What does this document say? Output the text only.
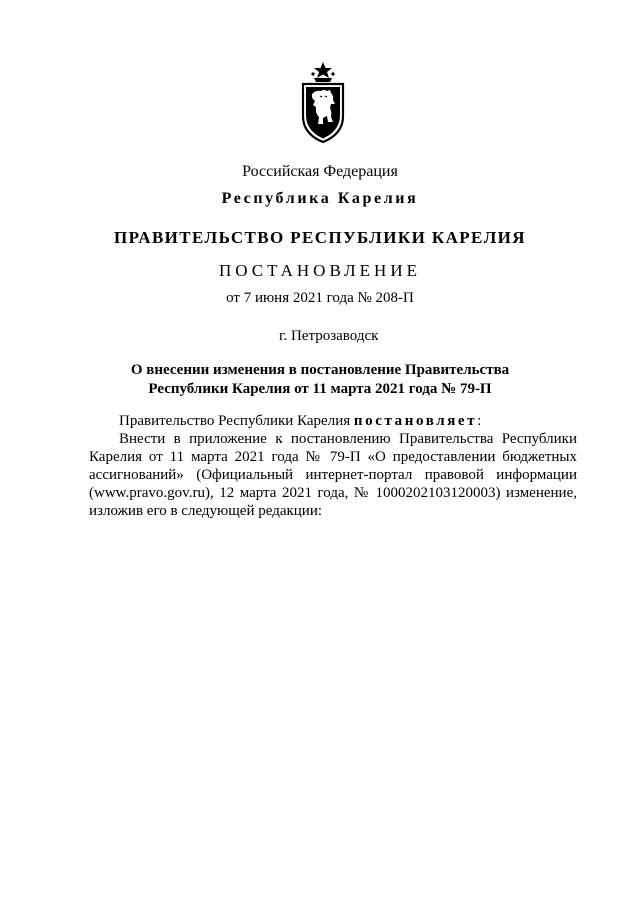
Российская Федерация
Республика Карелия
ПРАВИТЕЛЬСТВО РЕСПУБЛИКИ КАРЕЛИЯ
ПОСТАНОВЛЕНИЕ
от 7 июня 2021 года № 208-П
г. Петрозаводск
О внесении изменения в постановление Правительства
Республики Карелия от 11 марта 2021 года № 79-П

Правительство Республики Карелия постановляет:

Внести в приложение к постановлению Правительства Республики Карелия от 11 марта 2021 года № 79-П «О предоставлении бюджетных ассигнований» (Официальный интернет-портал правовой информации (www.pravo.gov.ru), 12 марта 2021 года, № 1000202103120003) изменение, изложив его в следующей редакции:
